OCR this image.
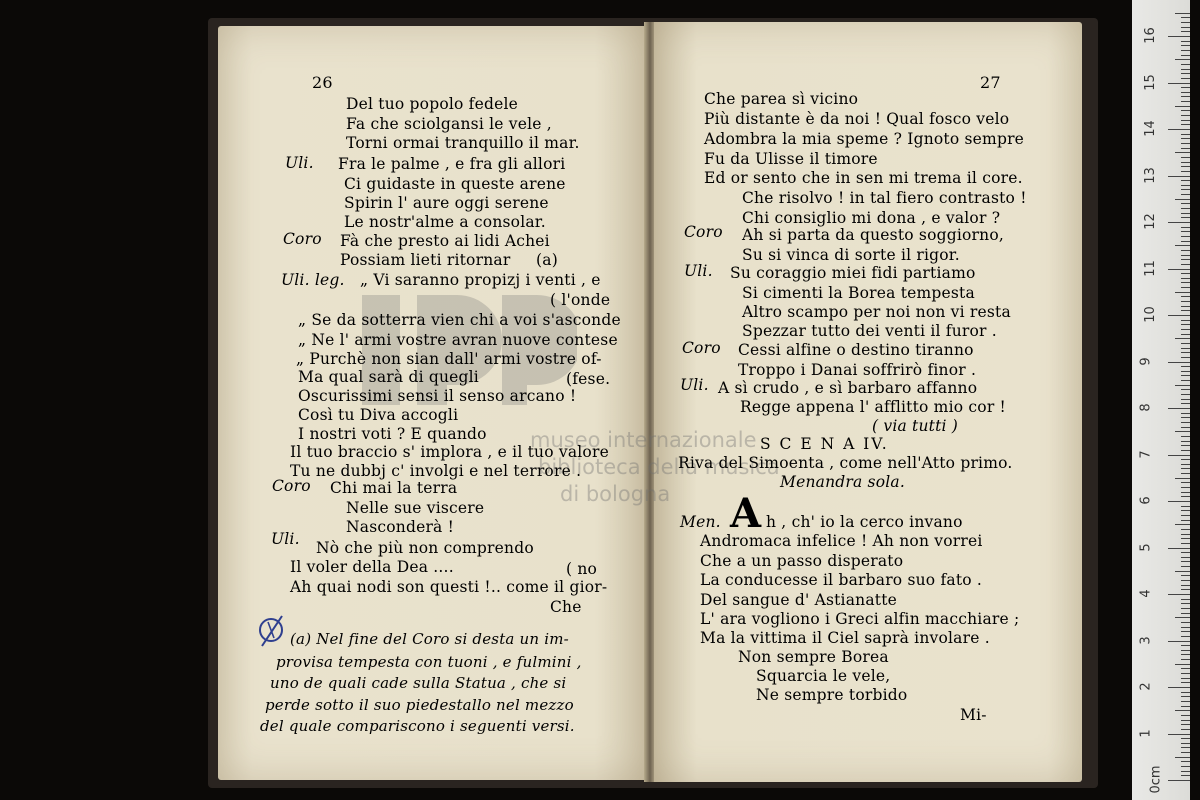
museo internazionale
biblioteca della musica
di bologna
26
Del tuo popolo fedele
Fa che sciolgansi le vele ,
Torni ormai tranquillo il mar.
Uli. Fra le palme , e fra gli allori
Ci guidaste in queste arene
Spirin l' aure oggi serene
Le nostr'alme a consolar.
Coro Fà che presto ai lidi Achei
Possiam lieti ritornar (a)
Uli. leg. „ Vi saranno propizj i venti , e
( l'onde
„ Se da sotterra vien chi a voi s'asconde
„ Ne l' armi vostre avran nuove contese
„ Purchè non sian dall' armi vostre of-
Ma qual sarà di quegli	(fese.
Oscurissimi sensi il senso arcano !
Così tu Diva accogli
I nostri voti ? E quando
Il tuo braccio s' implora , e il tuo valore
Tu ne dubbj c' involgi e nel terrore .
Coro Chi mai la terra
Nelle sue viscere
Nasconderà !
Uli. Nò che più non comprendo
Il voler della Dea ....	( no
Ah quai nodi son questi !.. come il gior-
Che
(a) Nel fine del Coro si desta un im-
provisa tempesta con tuoni , e fulmini ,
uno de quali cade sulla Statua , che si
perde sotto il suo piedestallo nel mezzo
del quale compariscono i seguenti versi.
27
Che parea sì vicino
Più distante è da noi ! Qual fosco velo
Adombra la mia speme ? Ignoto sempre
Fu da Ulisse il timore
Ed or sento che in sen mi trema il core.
Che risolvo ! in tal fiero contrasto !
Chi consiglio mi dona , e valor ?
Coro Ah si parta da questo soggiorno,
Su si vinca di sorte il rigor.
Uli. Su coraggio miei fidi partiamo
Si cimenti la Borea tempesta
Altro scampo per noi non vi resta
Spezzar tutto dei venti il furor .
Coro Cessi alfine o destino tiranno
Troppo i Danai soffrirò finor .
Uli. A sì crudo , e sì barbaro affanno
Regge appena l' afflitto mio cor !
( via tutti )
S C E N A IV.
Riva del Simoenta , come nell'Atto primo.
Menandra sola.
Men. A h , ch' io la cerco invano
Andromaca infelice ! Ah non vorrei
Che a un passo disperato
La conducesse il barbaro suo fato .
Del sangue d' Astianatte
L' ara vogliono i Greci alfin macchiare ;
Ma la vittima il Ciel saprà involare .
Non sempre Borea
Squarcia le vele,
Ne sempre torbido
Mi-
0cm
1
2
3
4
5
6
7
8
9
10
11
12
13
14
15
16
